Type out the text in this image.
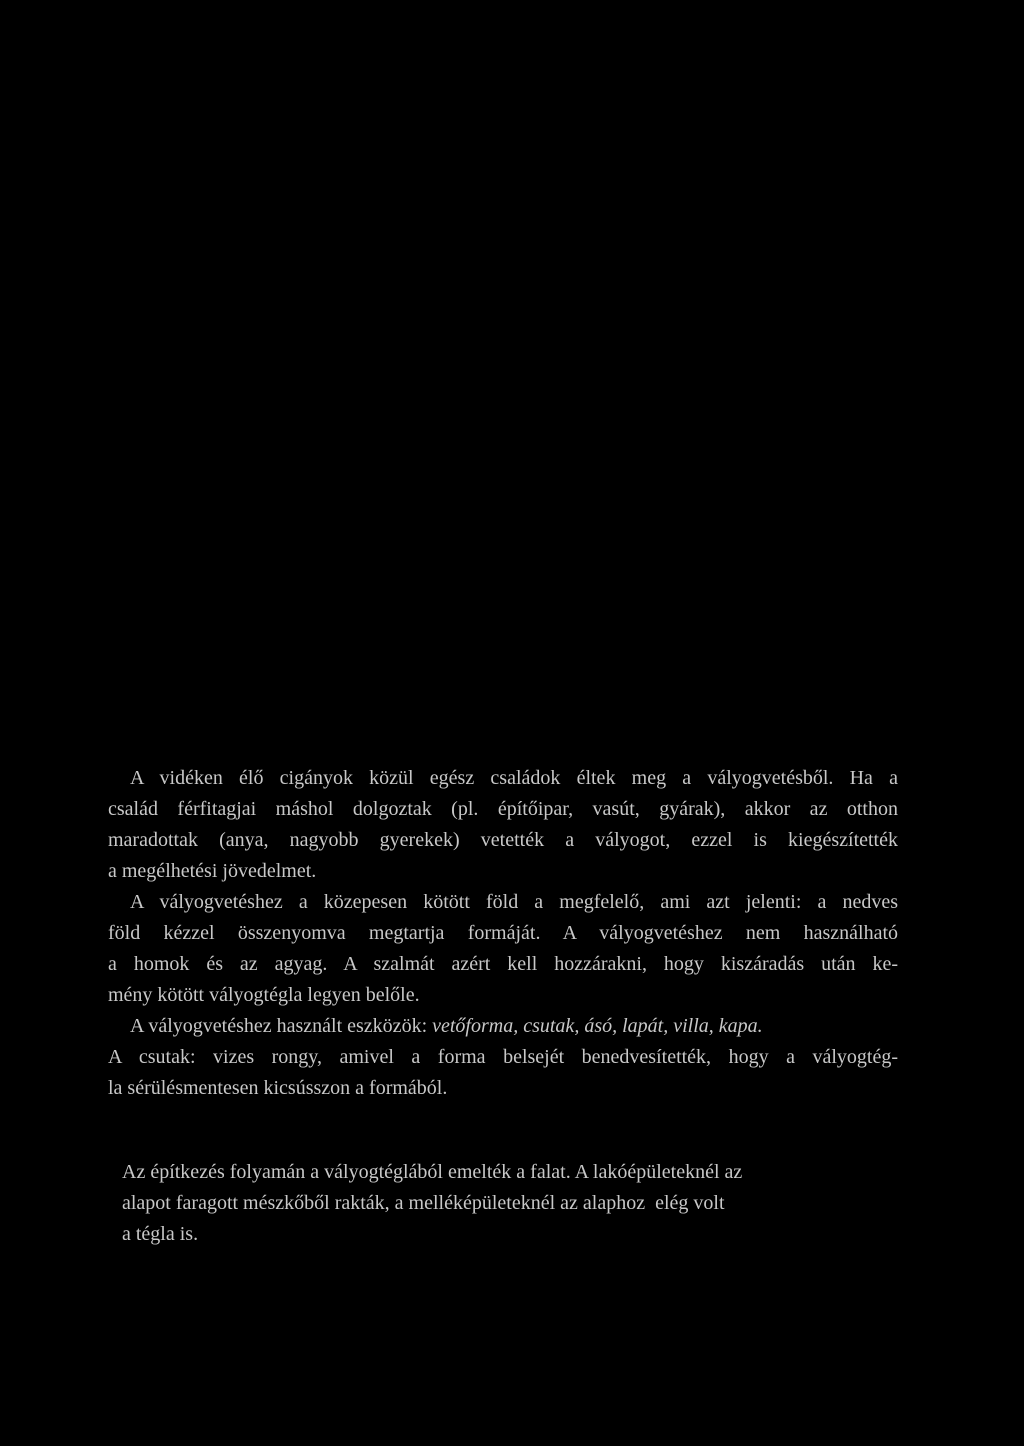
A vidéken élő cigányok közül egész családok éltek meg a vályogvetésből. Ha a
család férfitagjai máshol dolgoztak (pl. építőipar, vasút, gyárak), akkor az otthon
maradottak (anya, nagyobb gyerekek) vetették a vályogot, ezzel is kiegészítették
a megélhetési jövedelmet.
A vályogvetéshez a közepesen kötött föld a megfelelő, ami azt jelenti: a nedves
föld kézzel összenyomva megtartja formáját. A vályogvetéshez nem használható
a homok és az agyag. A szalmát azért kell hozzárakni, hogy kiszáradás után ke-
mény kötött vályogtégla legyen belőle.
A vályogvetéshez használt eszközök: vetőforma, csutak, ásó, lapát, villa, kapa.
A csutak: vizes rongy, amivel a forma belsejét benedvesítették, hogy a vályogtég-
la sérülésmentesen kicsússzon a formából.
Az építkezés folyamán a vályogtéglából emelték a falat. A lakóépületeknél az
alapot faragott mészkőből rakták, a melléképületeknél az alaphoz  elég volt
a tégla is.
